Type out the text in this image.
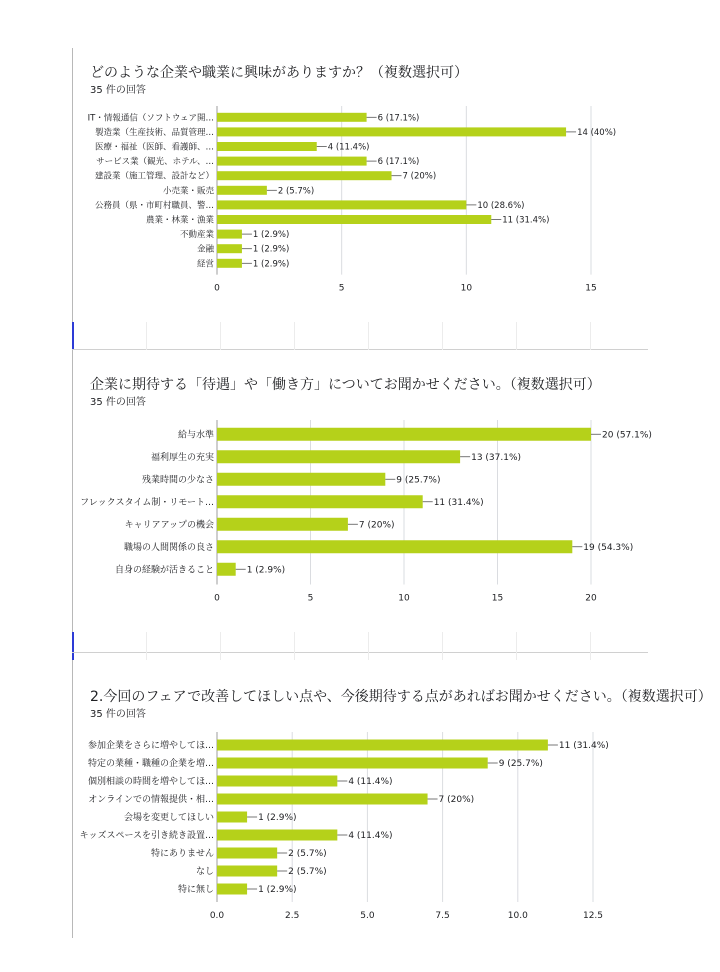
どのような企業や職業に興味がありますか？（複数選択可）
35 件の回答
0	5	10	15
IT・情報通信（ソフトウェア開…	6 (17.1%)
製造業（生産技術、品質管理…	14 (40%)
医療・福祉（医師、看護師、…	4 (11.4%)
サービス業（観光、ホテル、…	6 (17.1%)
建設業（施工管理、設計など）	7 (20%)
小売業・販売	2 (5.7%)
公務員（県・市町村職員、警…	10 (28.6%)
農業・林業・漁業	11 (31.4%)
不動産業	1 (2.9%)
金融	1 (2.9%)
経営	1 (2.9%)
企業に期待する「待遇」や「働き方」についてお聞かせください。（複数選択可）
35 件の回答
0	5	10	15	20
給与水準	20 (57.1%)
福利厚生の充実	13 (37.1%)
残業時間の少なさ	9 (25.7%)
フレックスタイム制・リモート…	11 (31.4%)
キャリアアップの機会	7 (20%)
職場の人間関係の良さ	19 (54.3%)
自身の経験が活きること	1 (2.9%)
2.今回のフェアで改善してほしい点や、今後期待する点があればお聞かせください。（複数選択可）
35 件の回答
0.0	2.5	5.0	7.5	10.0	12.5
参加企業をさらに増やしてほ…	11 (31.4%)
特定の業種・職種の企業を増…	9 (25.7%)
個別相談の時間を増やしてほ…	4 (11.4%)
オンラインでの情報提供・相…	7 (20%)
会場を変更してほしい	1 (2.9%)
キッズスペースを引き続き設置…	4 (11.4%)
特にありません	2 (5.7%)
なし	2 (5.7%)
特に無し	1 (2.9%)
